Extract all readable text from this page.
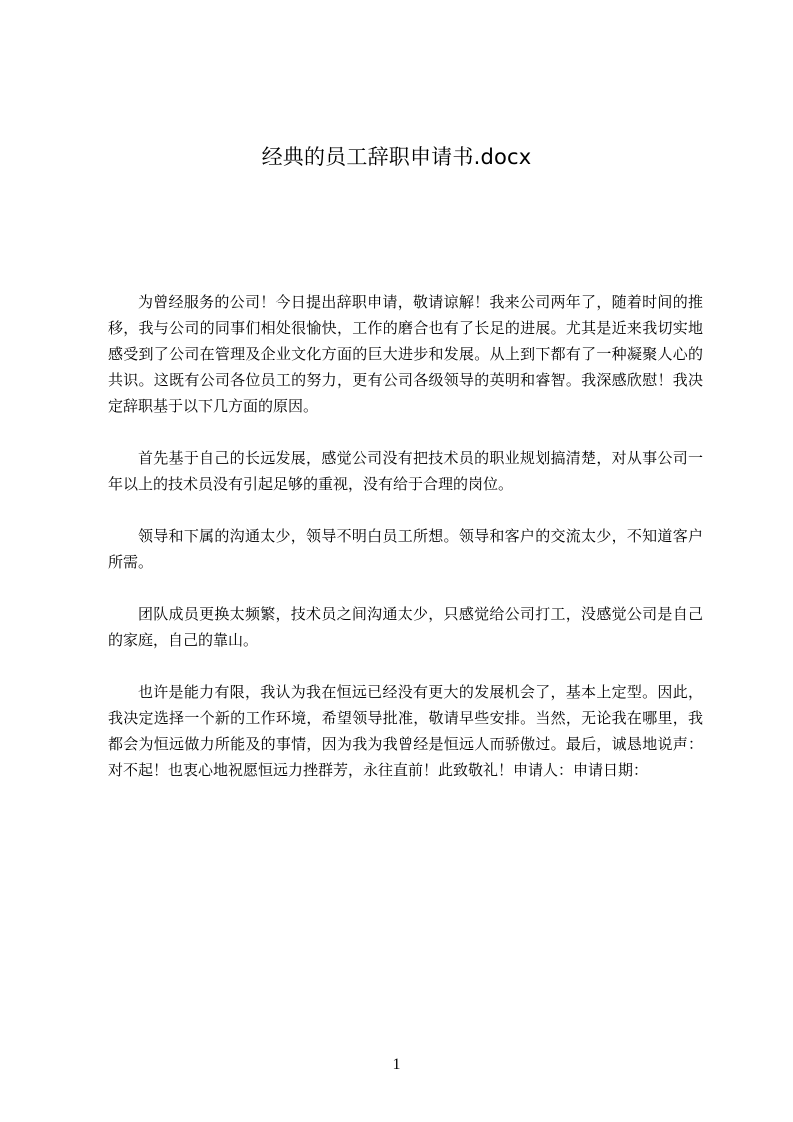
经典的员工辞职申请书.docx

为曾经服务的公司！今日提出辞职申请，敬请谅解！我来公司两年了，随着时间的推移，我与公司的同事们相处很愉快，工作的磨合也有了长足的进展。尤其是近来我切实地感受到了公司在管理及企业文化方面的巨大进步和发展。从上到下都有了一种凝聚人心的共识。这既有公司各位员工的努力，更有公司各级领导的英明和睿智。我深感欣慰！我决定辞职基于以下几方面的原因。

首先基于自己的长远发展，感觉公司没有把技术员的职业规划搞清楚，对从事公司一年以上的技术员没有引起足够的重视，没有给于合理的岗位。

领导和下属的沟通太少，领导不明白员工所想。领导和客户的交流太少，不知道客户所需。

团队成员更换太频繁，技术员之间沟通太少，只感觉给公司打工，没感觉公司是自己的家庭，自己的靠山。

也许是能力有限，我认为我在恒远已经没有更大的发展机会了，基本上定型。因此，我决定选择一个新的工作环境，希望领导批准，敬请早些安排。当然，无论我在哪里，我都会为恒远做力所能及的事情，因为我为我曾经是恒远人而骄傲过。最后，诚恳地说声：对不起！也衷心地祝愿恒远力挫群芳，永往直前！此致敬礼！申请人：申请日期：

1
